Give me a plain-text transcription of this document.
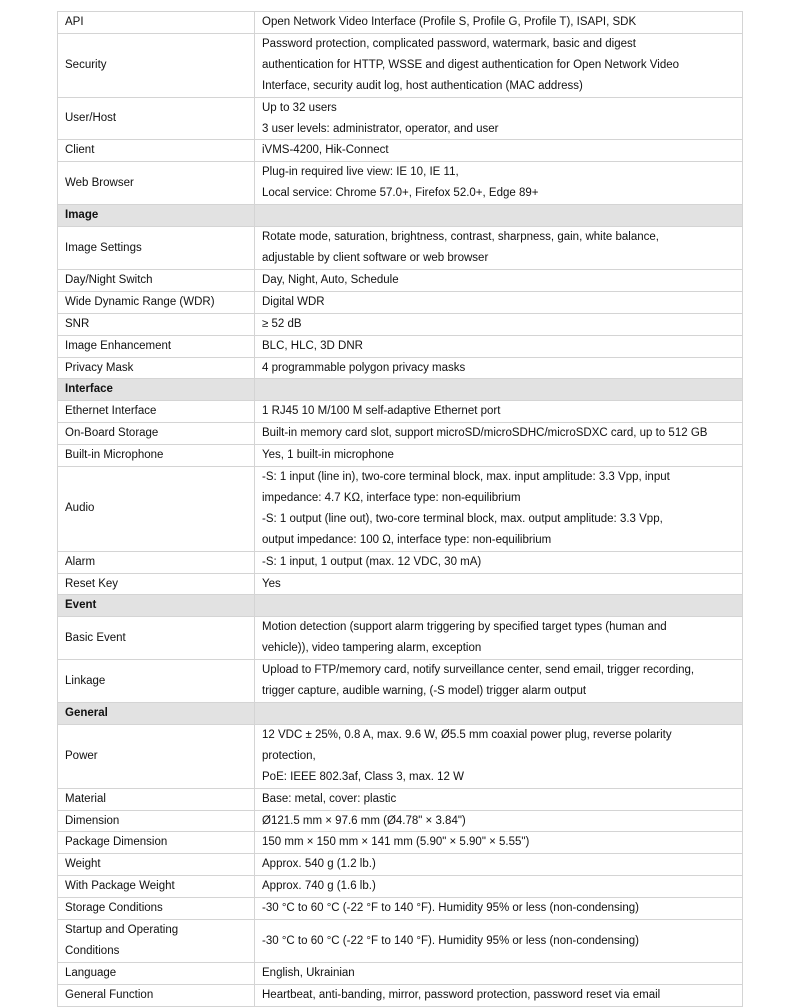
API	Open Network Video Interface (Profile S, Profile G, Profile T), ISAPI, SDK

Security	Password protection, complicated password, watermark, basic and digest
authentication for HTTP, WSSE and digest authentication for Open Network Video
Interface, security audit log, host authentication (MAC address)

User/Host	Up to 32 users
3 user levels: administrator, operator, and user

Client	iVMS-4200, Hik-Connect

Web Browser	Plug-in required live view: IE 10, IE 11,
Local service: Chrome 57.0+, Firefox 52.0+, Edge 89+

Image	
Image Settings	Rotate mode, saturation, brightness, contrast, sharpness, gain, white balance,
adjustable by client software or web browser

Day/Night Switch	Day, Night, Auto, Schedule

Wide Dynamic Range (WDR)	Digital WDR

SNR	≥ 52 dB

Image Enhancement	BLC, HLC, 3D DNR

Privacy Mask	4 programmable polygon privacy masks

Interface	
Ethernet Interface	1 RJ45 10 M/100 M self-adaptive Ethernet port

On-Board Storage	Built-in memory card slot, support microSD/microSDHC/microSDXC card, up to 512 GB

Built-in Microphone	Yes, 1 built-in microphone

Audio	-S: 1 input (line in), two-core terminal block, max. input amplitude: 3.3 Vpp, input
impedance: 4.7 KΩ, interface type: non-equilibrium
-S: 1 output (line out), two-core terminal block, max. output amplitude: 3.3 Vpp,
output impedance: 100 Ω, interface type: non-equilibrium

Alarm	-S: 1 input, 1 output (max. 12 VDC, 30 mA)

Reset Key	Yes

Event	
Basic Event	Motion detection (support alarm triggering by specified target types (human and
vehicle)), video tampering alarm, exception

Linkage	Upload to FTP/memory card, notify surveillance center, send email, trigger recording,
trigger capture, audible warning, (-S model) trigger alarm output

General	
Power	12 VDC ± 25%, 0.8 A, max. 9.6 W, Ø5.5 mm coaxial power plug, reverse polarity
protection,
PoE: IEEE 802.3af, Class 3, max. 12 W

Material	Base: metal, cover: plastic

Dimension	Ø121.5 mm × 97.6 mm (Ø4.78" × 3.84")

Package Dimension	150 mm × 150 mm × 141 mm (5.90" × 5.90" × 5.55")

Weight	Approx. 540 g (1.2 lb.)

With Package Weight	Approx. 740 g (1.6 lb.)

Storage Conditions	-30 °C to 60 °C (-22 °F to 140 °F). Humidity 95% or less (non-condensing)

Startup and Operating
Conditions	-30 °C to 60 °C (-22 °F to 140 °F). Humidity 95% or less (non-condensing)

Language	English, Ukrainian

General Function	Heartbeat, anti-banding, mirror, password protection, password reset via email
